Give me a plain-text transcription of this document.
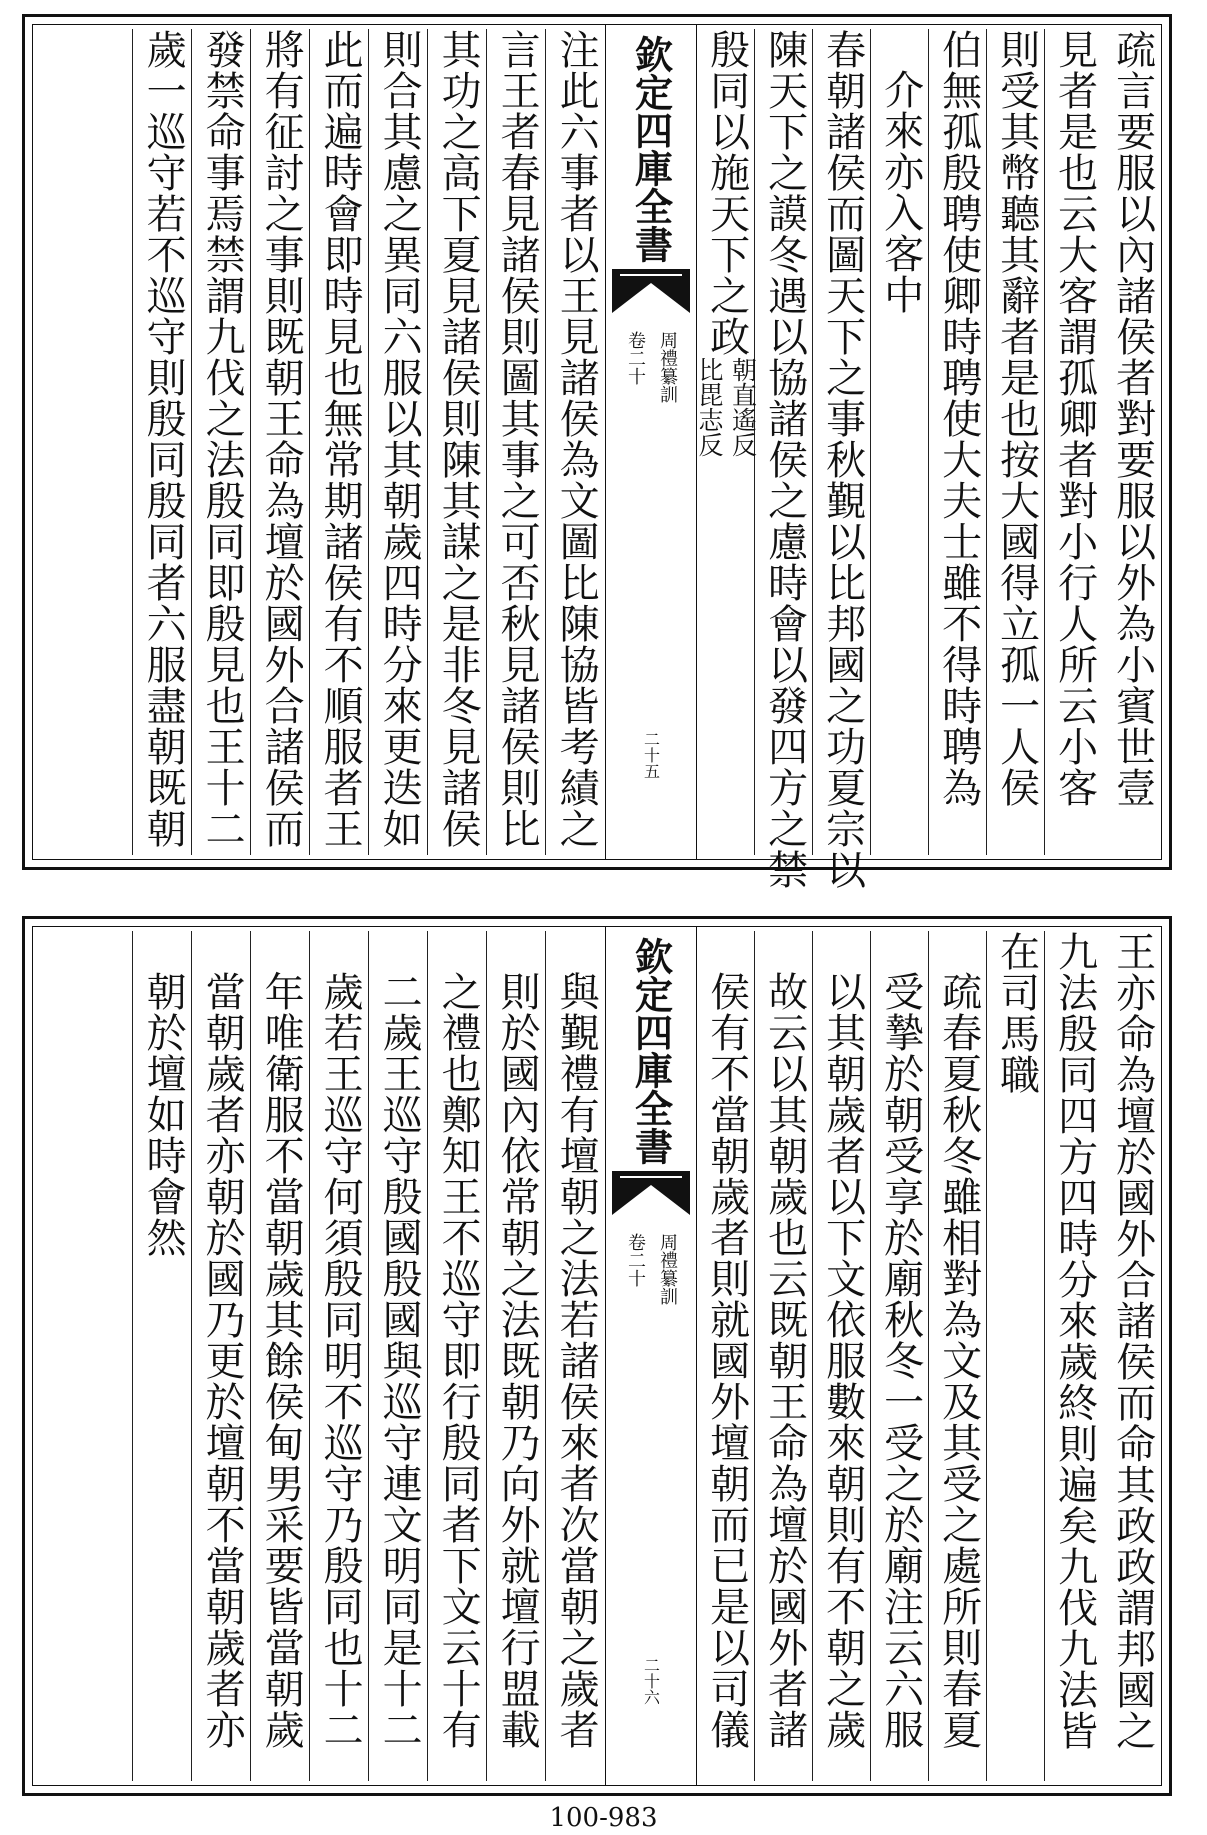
疏言要服以內諸侯者對要服以外為小賓世壹
見者是也云大客謂孤卿者對小行人所云小客
則受其幣聽其辭者是也按大國得立孤一人侯
伯無孤殷聘使卿時聘使大夫士雖不得時聘為
介來亦入客中
春朝諸侯而圖天下之事秋覲以比邦國之功夏宗以
陳天下之謨冬遇以協諸侯之慮時會以發四方之禁
殷同以施天下之政
朝直遙反
比毘志反
欽定四庫全書
周禮纂訓
卷二十
二十五
注此六事者以王見諸侯為文圖比陳協皆考績之
言王者春見諸侯則圖其事之可否秋見諸侯則比
其功之高下夏見諸侯則陳其謀之是非冬見諸侯
則合其慮之異同六服以其朝歲四時分來更迭如
此而遍時會即時見也無常期諸侯有不順服者王
將有征討之事則既朝王命為壇於國外合諸侯而
發禁命事焉禁謂九伐之法殷同即殷見也王十二
歲一巡守若不巡守則殷同殷同者六服盡朝既朝
王亦命為壇於國外合諸侯而命其政政謂邦國之
九法殷同四方四時分來歲終則遍矣九伐九法皆
在司馬職
疏春夏秋冬雖相對為文及其受之處所則春夏
受摯於朝受享於廟秋冬一受之於廟注云六服
以其朝歲者以下文依服數來朝則有不朝之歲
故云以其朝歲也云既朝王命為壇於國外者諸
侯有不當朝歲者則就國外壇朝而已是以司儀
欽定四庫全書
周禮纂訓
卷二十
二十六
與覲禮有壇朝之法若諸侯來者次當朝之歲者
則於國內依常朝之法既朝乃向外就壇行盟載
之禮也鄭知王不巡守即行殷同者下文云十有
二歲王巡守殷國殷國與巡守連文明同是十二
歲若王巡守何須殷同明不巡守乃殷同也十二
年唯衛服不當朝歲其餘侯甸男采要皆當朝歲
當朝歲者亦朝於國乃更於壇朝不當朝歲者亦
朝於壇如時會然
100-983
